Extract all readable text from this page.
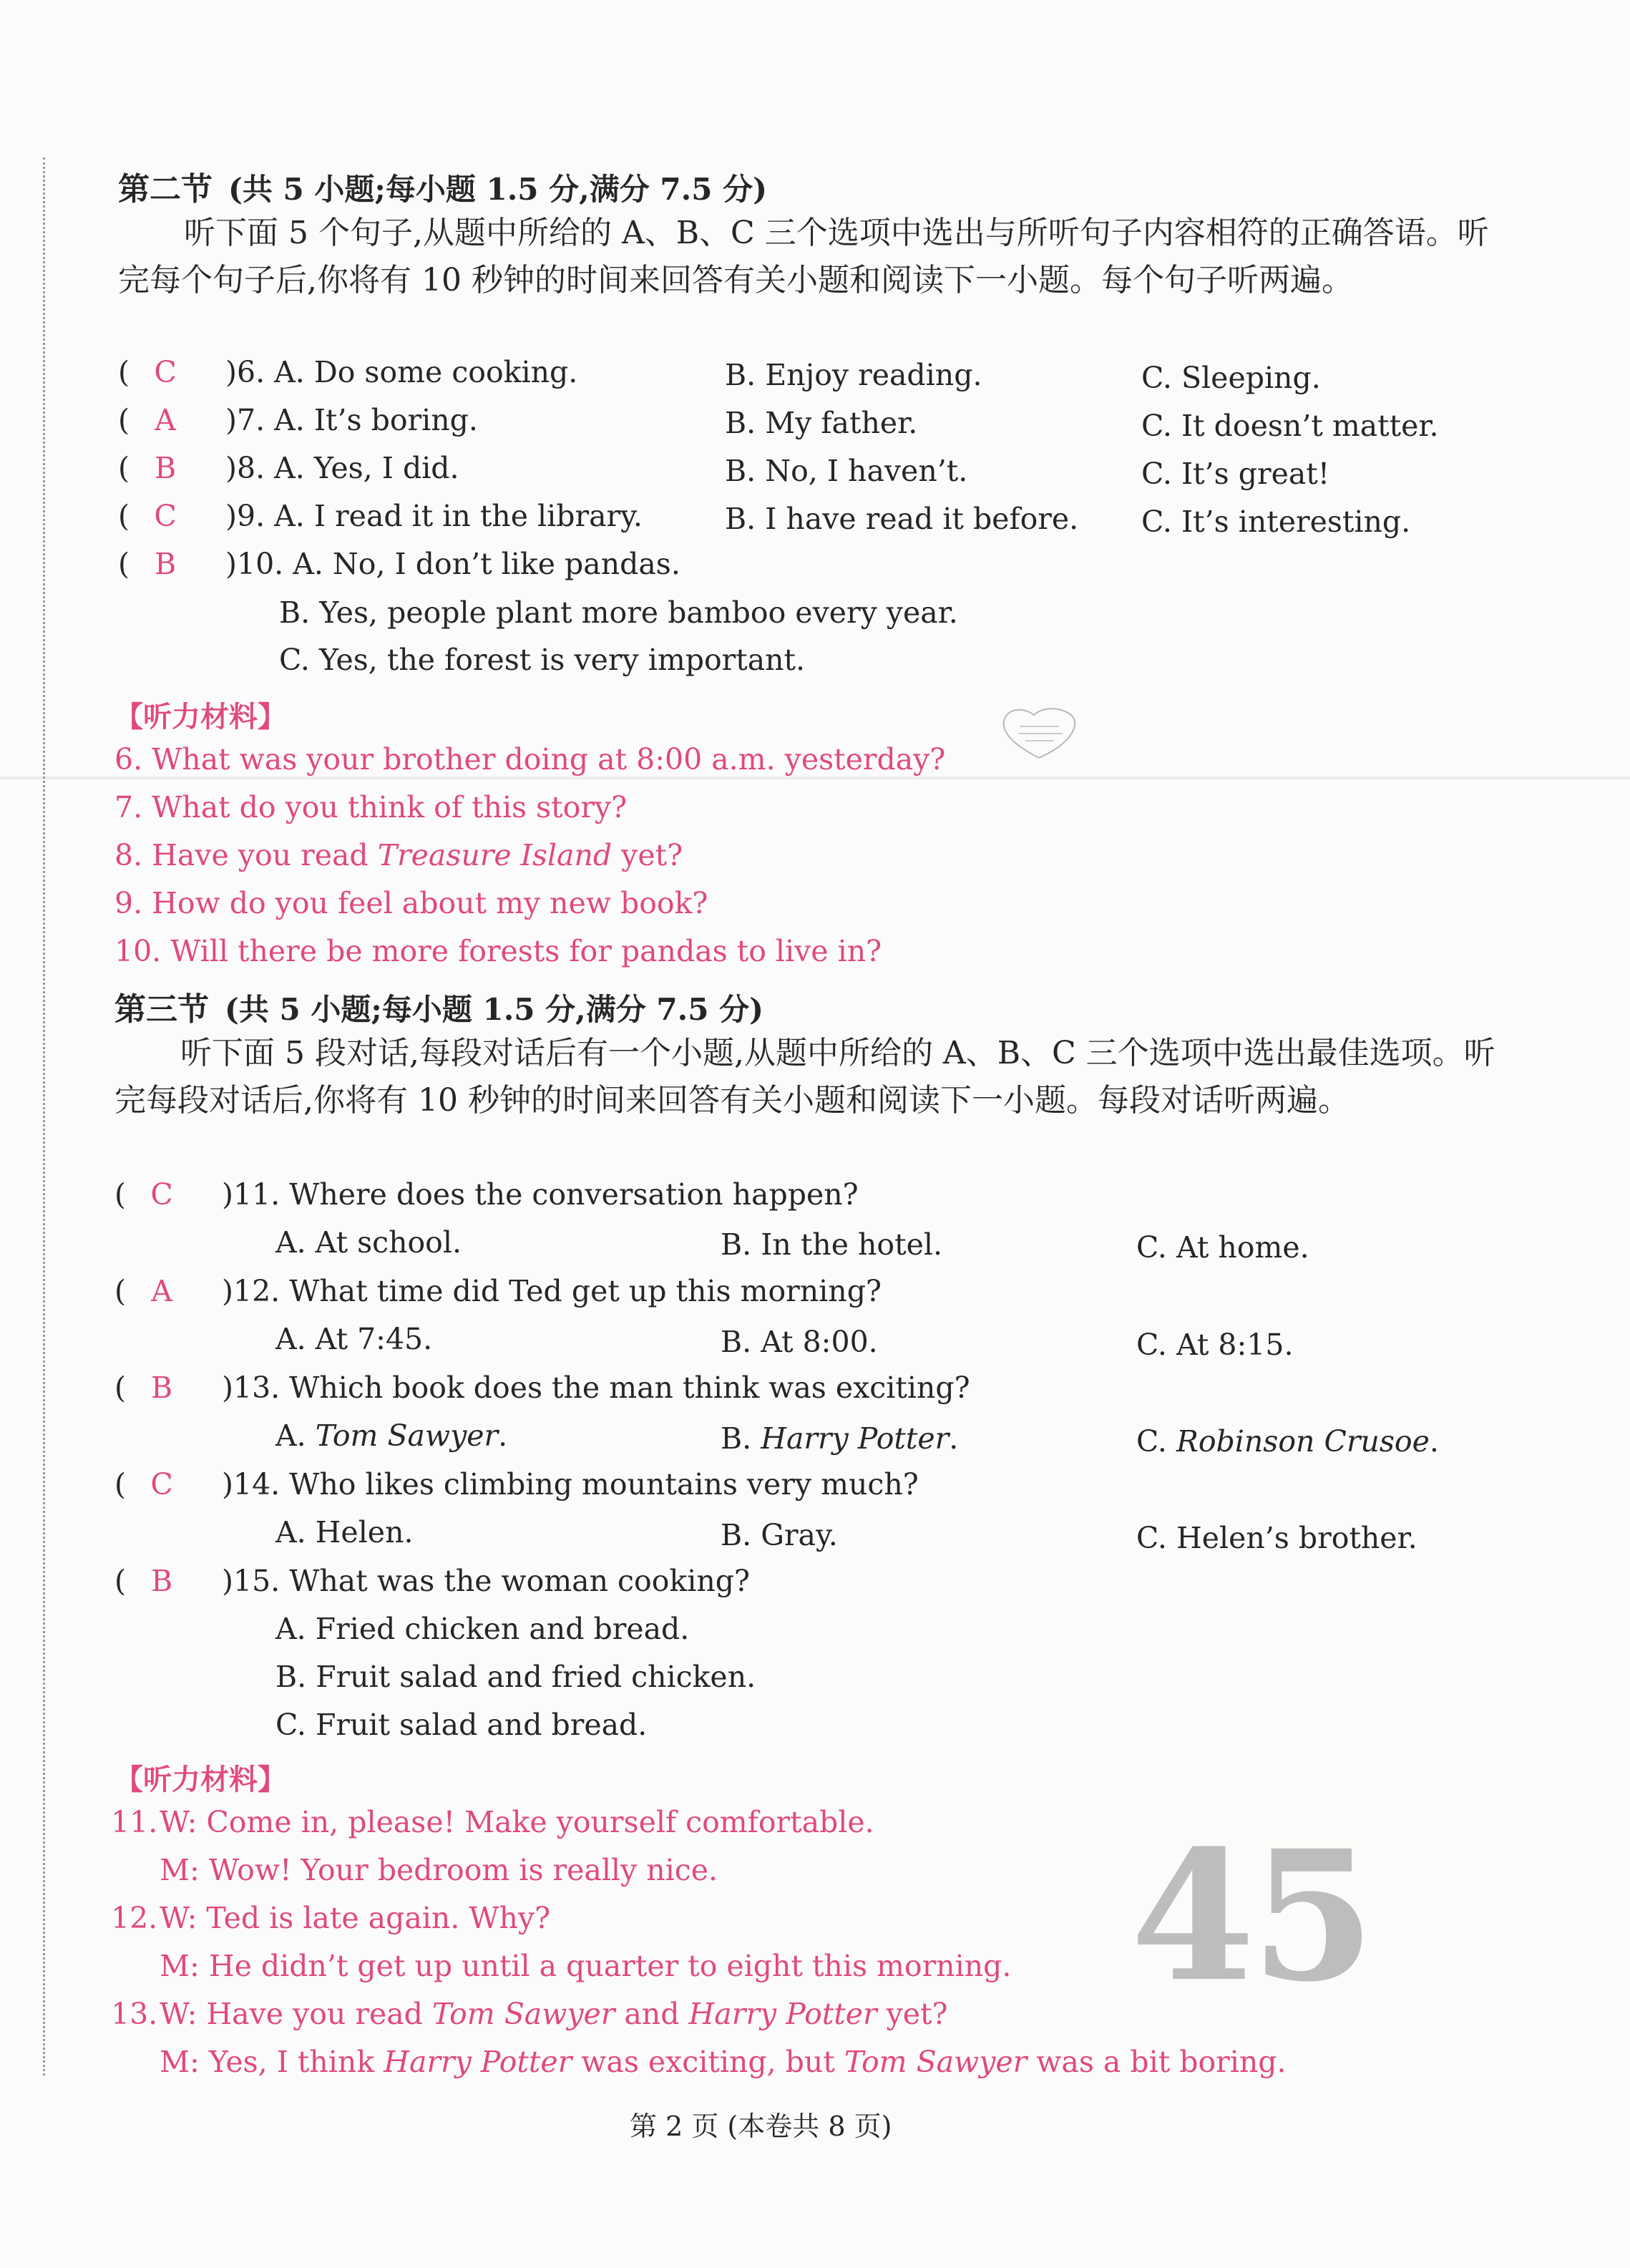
第二节 (共 5 小题;每小题 1.5 分,满分 7.5 分)
听下面 5 个句子,从题中所给的 A、B、C 三个选项中选出与所听句子内容相符的正确答语。听完每个句子后,你将有 10 秒钟的时间来回答有关小题和阅读下一小题。每个句子听两遍。
( C )6. A. Do some cooking.	B. Enjoy reading.	C. Sleeping.
( A )7. A. It’s boring.	B. My father.	C. It doesn’t matter.
( B )8. A. Yes, I did.	B. No, I haven’t.	C. It’s great!
( C )9. A. I read it in the library.	B. I have read it before. C. It’s interesting.
( B )10. A. No, I don’t like pandas.
B. Yes, people plant more bamboo every year.
C. Yes, the forest is very important.
【听力材料】
6. What was your brother doing at 8:00 a.m. yesterday?
7. What do you think of this story?
8. Have you read Treasure Island yet?
9. How do you feel about my new book?
10. Will there be more forests for pandas to live in?
第三节 (共 5 小题;每小题 1.5 分,满分 7.5 分)
听下面 5 段对话,每段对话后有一个小题,从题中所给的 A、B、C 三个选项中选出最佳选项。听完每段对话后,你将有 10 秒钟的时间来回答有关小题和阅读下一小题。每段对话听两遍。
( C )11. Where does the conversation happen?
A. At school.	B. In the hotel.	C. At home.
( A )12. What time did Ted get up this morning?
A. At 7:45.	B. At 8:00.	C. At 8:15.
( B )13. Which book does the man think was exciting?
A. Tom Sawyer.	B. Harry Potter.	C. Robinson Crusoe.
( C )14. Who likes climbing mountains very much?
A. Helen.	B. Gray.	C. Helen’s brother.
( B )15. What was the woman cooking?
A. Fried chicken and bread.
B. Fruit salad and fried chicken.
C. Fruit salad and bread.
【听力材料】
11.W: Come in, please! Make yourself comfortable.
M: Wow! Your bedroom is really nice.
12.W: Ted is late again. Why?
M: He didn’t get up until a quarter to eight this morning.
13.W: Have you read Tom Sawyer and Harry Potter yet?
M: Yes, I think Harry Potter was exciting, but Tom Sawyer was a bit boring.
45
第 2 页 (本卷共 8 页)
